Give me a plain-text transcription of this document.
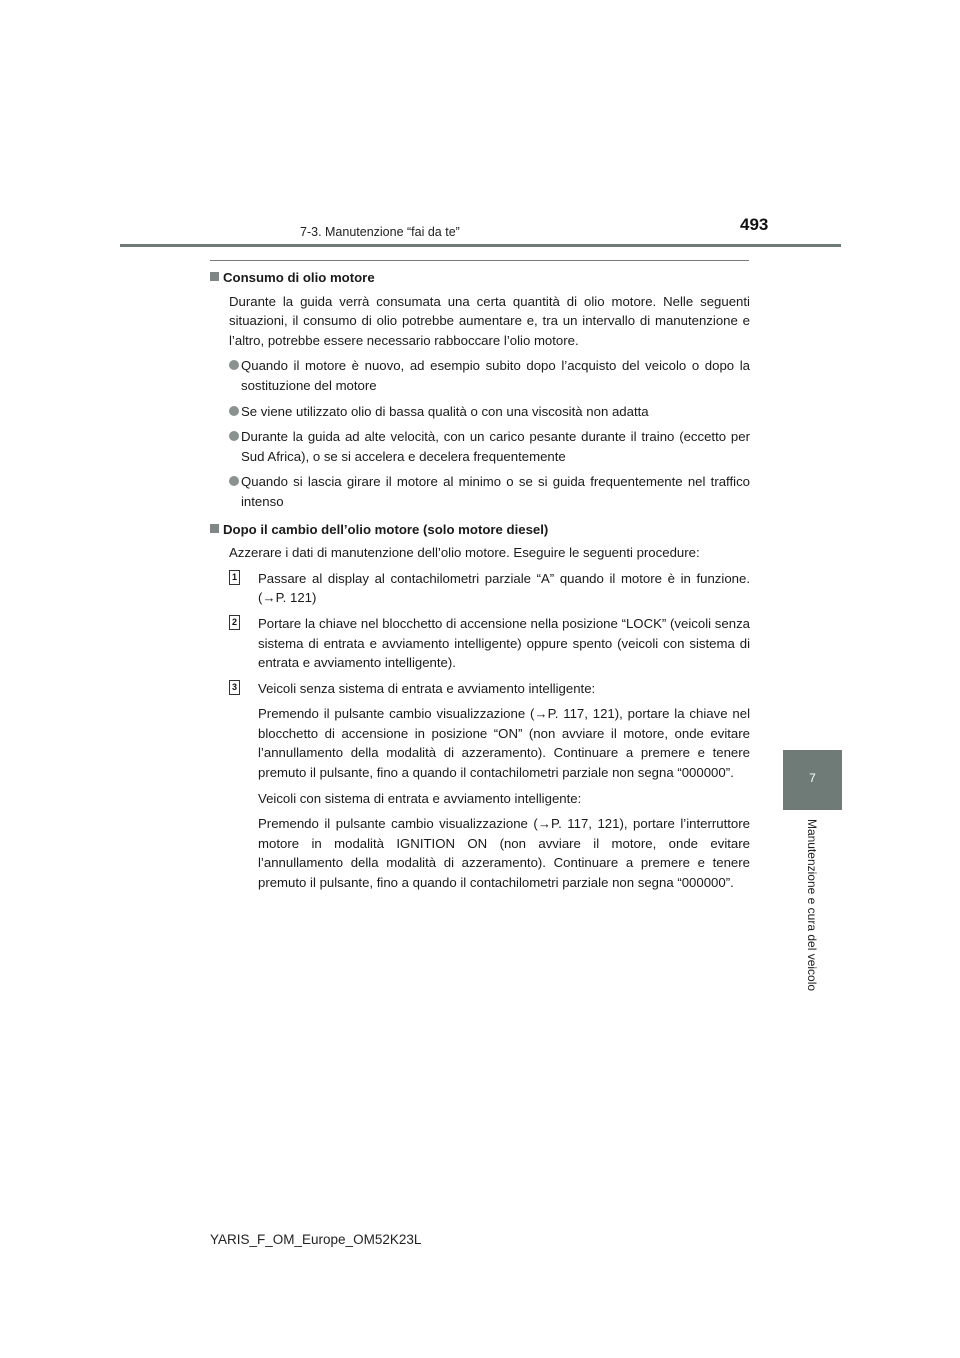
7-3. Manutenzione “fai da te”	493
7
Manutenzione e cura del veicolo
Consumo di olio motore

Durante la guida verrà consumata una certa quantità di olio motore. Nelle seguenti situazioni, il consumo di olio potrebbe aumentare e, tra un intervallo di manutenzione e l’altro, potrebbe essere necessario rabboccare l’olio motore.

Quando il motore è nuovo, ad esempio subito dopo l’acquisto del veicolo o dopo la sostituzione del motore
Se viene utilizzato olio di bassa qualità o con una viscosità non adatta
Durante la guida ad alte velocità, con un carico pesante durante il traino (eccetto per Sud Africa), o se si accelera e decelera frequentemente
Quando si lascia girare il motore al minimo o se si guida frequentemente nel traffico intenso
Dopo il cambio dell’olio motore (solo motore diesel)

Azzerare i dati di manutenzione dell’olio motore. Eseguire le seguenti procedure:

1 Passare al display al contachilometri parziale “A” quando il motore è in funzione. (→P. 121)
2 Portare la chiave nel blocchetto di accensione nella posizione “LOCK” (veicoli senza sistema di entrata e avviamento intelligente) oppure spento (veicoli con sistema di entrata e avviamento intelligente).
3 Veicoli senza sistema di entrata e avviamento intelligente:

Premendo il pulsante cambio visualizzazione (→P. 117, 121), portare la chiave nel blocchetto di accensione in posizione “ON” (non avviare il motore, onde evitare l’annullamento della modalità di azzeramento). Continuare a premere e tenere premuto il pulsante, fino a quando il contachilometri parziale non segna “000000”.

Veicoli con sistema di entrata e avviamento intelligente:

Premendo il pulsante cambio visualizzazione (→P. 117, 121), portare l’interruttore motore in modalità IGNITION ON (non avviare il motore, onde evitare l’annullamento della modalità di azzeramento). Continuare a premere e tenere premuto il pulsante, fino a quando il contachilometri parziale non segna “000000”.

YARIS_F_OM_Europe_OM52K23L
